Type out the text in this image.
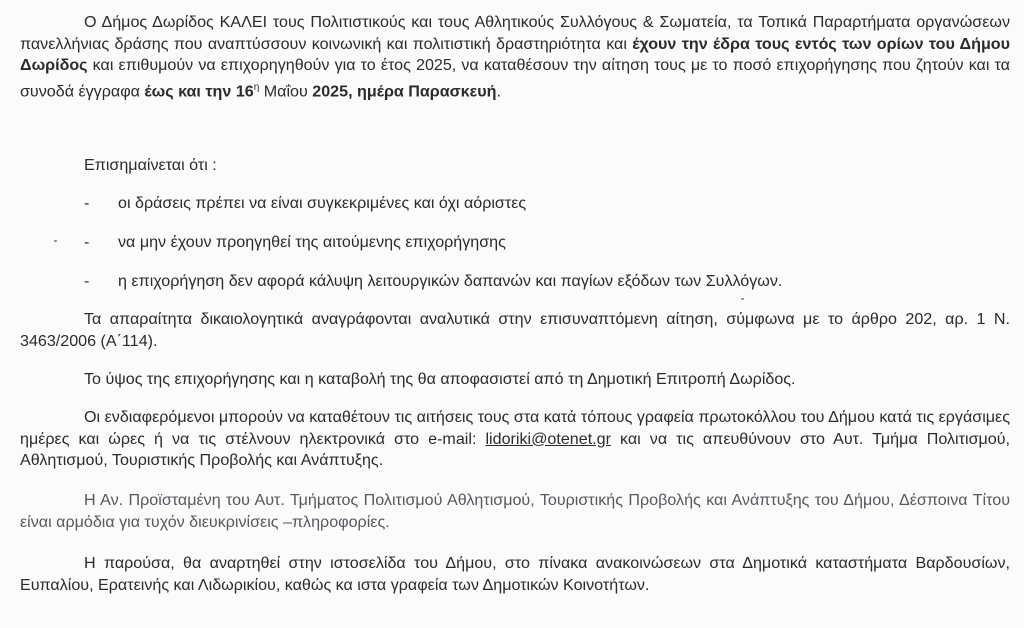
Ο Δήμος Δωρίδος ΚΑΛΕΙ τους Πολιτιστικούς και τους Αθλητικούς Συλλόγους & Σωματεία, τα Τοπικά Παραρτήματα οργανώσεων πανελλήνιας δράσης που αναπτύσσουν κοινωνική και πολιτιστική δραστηριότητα και έχουν την έδρα τους εντός των ορίων του Δήμου Δωρίδος και επιθυμούν να επιχορηγηθούν για το έτος 2025, να καταθέσουν την αίτηση τους με το ποσό επιχορήγησης που ζητούν και τα συνοδά έγγραφα έως και την $16^\eta$ Μαΐου 2025, ημέρα Παρασκευή.

Επισημαίνεται ότι :
-	οι δράσεις πρέπει να είναι συγκεκριμένες και όχι αόριστες
-	να μην έχουν προηγηθεί της αιτούμενης επιχορήγησης
-	η επιχορήγηση δεν αφορά κάλυψη λειτουργικών δαπανών και παγίων εξόδων των Συλλόγων.

Τα απαραίτητα δικαιολογητικά αναγράφονται αναλυτικά στην επισυναπτόμενη αίτηση, σύμφωνα με το άρθρο 202, αρ. 1 Ν. 3463/2006 (Α΄114).

Το ύψος της επιχορήγησης και η καταβολή της θα αποφασιστεί από τη Δημοτική Επιτροπή Δωρίδος.

Οι ενδιαφερόμενοι μπορούν να καταθέτουν τις αιτήσεις τους στα κατά τόπους γραφεία πρωτοκόλλου του Δήμου κατά τις εργάσιμες ημέρες και ώρες ή να τις στέλνουν ηλεκτρονικά στο e-mail: lidoriki@otenet.gr και να τις απευθύνουν στο Αυτ. Τμήμα Πολιτισμού, Αθλητισμού, Τουριστικής Προβολής και Ανάπτυξης.

Η Αν. Προϊσταμένη του Αυτ. Τμήματος Πολιτισμού Αθλητισμού, Τουριστικής Προβολής και Ανάπτυξης του Δήμου, Δέσποινα Τίτου είναι αρμόδια για τυχόν διευκρινίσεις –πληροφορίες.

Η παρούσα, θα αναρτηθεί στην ιστοσελίδα του Δήμου, στο πίνακα ανακοινώσεων στα Δημοτικά καταστήματα Βαρδουσίων, Ευπαλίου, Ερατεινής και Λιδωρικίου, καθώς κα ιστα γραφεία των Δημοτικών Κοινοτήτων.
